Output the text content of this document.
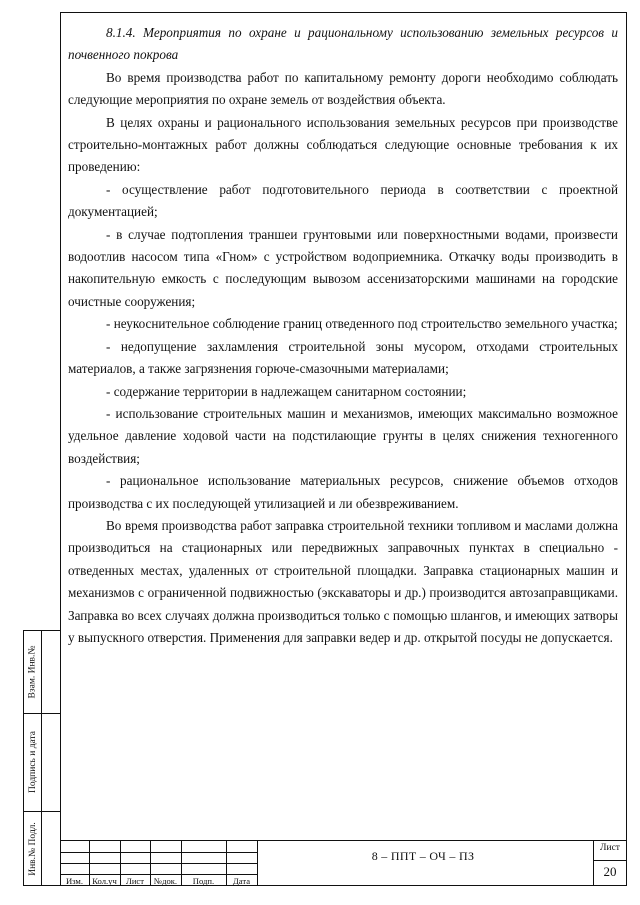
8.1.4. Мероприятия по охране и рациональному использованию земельных ресурсов и почвенного покрова

Во время производства работ по капитальному ремонту дороги необходимо соблюдать следующие мероприятия по охране земель от воздействия объекта.

В целях охраны и рационального использования земельных ресурсов при производстве строительно-монтажных работ должны соблюдаться следующие основные требования к их проведению:

- осуществление работ подготовительного периода в соответствии с проектной документацией;

- в случае подтопления траншеи грунтовыми или поверхностными водами, произвести водоотлив насосом типа «Гном» с устройством водоприемника. Откачку воды производить в накопительную емкость с последующим вывозом ассенизаторскими машинами на городские очистные сооружения;

- неукоснительное соблюдение границ отведенного под строительство земельного участка;

- недопущение захламления строительной зоны мусором, отходами строительных материалов, а также загрязнения горюче-смазочными материалами;

- содержание территории в надлежащем санитарном состоянии;

- использование строительных машин и механизмов, имеющих максимально возможное удельное давление ходовой части на подстилающие грунты в целях снижения техногенного воздействия;

- рациональное использование материальных ресурсов, снижение объемов отходов производства с их последующей утилизацией и ли обезвреживанием.

Во время производства работ заправка строительной техники топливом и маслами должна производиться на стационарных или передвижных заправочных пунктах в специально - отведенных местах, удаленных от строительной площадки. Заправка стационарных машин и механизмов с ограниченной подвижностью (экскаваторы и др.) производится автозаправщиками. Заправка во всех случаях должна производиться только с помощью шлангов, и имеющих затворы у выпускного отверстия. Применения для заправки ведер и др. открытой посуды не допускается.

Взам. Инв.№
Подпись и дата
Инв.№ Подл.
Изм.	Кол.уч	Лист	№док.	Подп.	Дата
8 – ППТ – ОЧ – ПЗ
Лист
20
